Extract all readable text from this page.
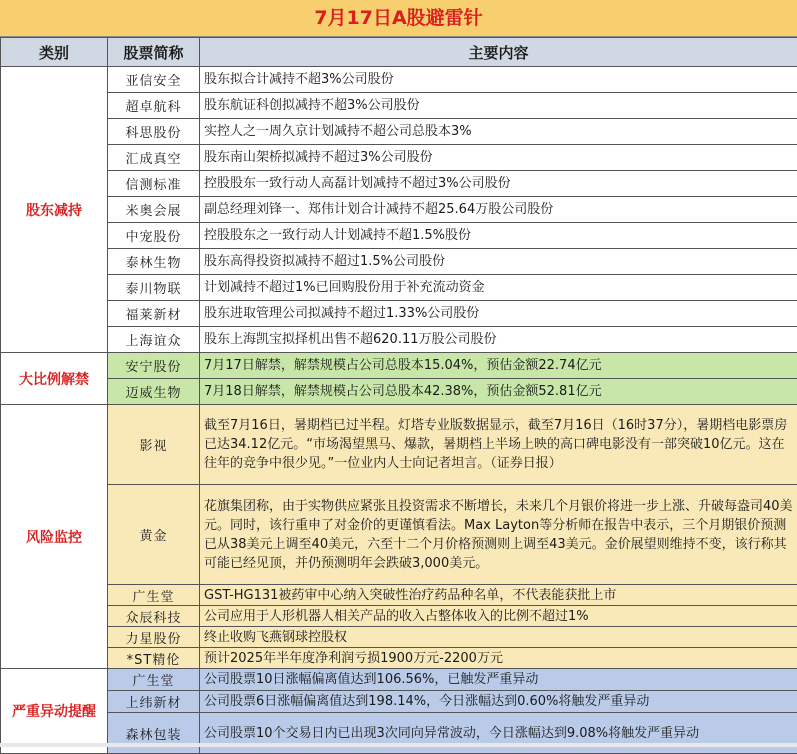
7月17日A股避雷针
类别	股票简称	主要内容
股东减持	亚信安全	股东拟合计减持不超3%公司股份
	超卓航科	股东航证科创拟减持不超3%公司股份
	科思股份	实控人之一周久京计划减持不超公司总股本3%
	汇成真空	股东南山架桥拟减持不超过3%公司股份
	信测标准	控股股东一致行动人高磊计划减持不超过3%公司股份
	米奥会展	副总经理刘锋一、郑伟计划合计减持不超25.64万股公司股份
	中宠股份	控股股东之一致行动人计划减持不超1.5%股份
	泰林生物	股东高得投资拟减持不超过1.5%公司股份
	泰川物联	计划减持不超过1%已回购股份用于补充流动资金
	福莱新材	股东进取管理公司拟减持不超过1.33%公司股份
	上海谊众	股东上海凯宝拟择机出售不超620.11万股公司股份
大比例解禁	安宁股份	7月17日解禁，解禁规模占公司总股本15.04%，预估金额22.74亿元
	迈威生物	7月18日解禁，解禁规模占公司总股本42.38%，预估金额52.81亿元
风险监控	影视	截至7月16日，暑期档已过半程。灯塔专业版数据显示，截至7月16日（16时37分），暑期档电影票房已达34.12亿元。“市场渴望黑马、爆款，暑期档上半场上映的高口碑电影没有一部突破10亿元。这在往年的竞争中很少见。”一位业内人士向记者坦言。（证券日报）
	黄金	花旗集团称，由于实物供应紧张且投资需求不断增长，未来几个月银价将进一步上涨、升破每盎司40美元。同时，该行重申了对金价的更谨慎看法。Max Layton等分析师在报告中表示，三个月期银价预测已从38美元上调至40美元，六至十二个月价格预测则上调至43美元。金价展望则维持不变，该行称其可能已经见顶，并仍预测明年会跌破3,000美元。
	广生堂	GST-HG131被药审中心纳入突破性治疗药品种名单，不代表能获批上市
	众辰科技	公司应用于人形机器人相关产品的收入占整体收入的比例不超过1%
	力星股份	终止收购飞燕钢球控股权
	*ST精伦	预计2025年半年度净利润亏损1900万元-2200万元
严重异动提醒	广生堂	公司股票10日涨幅偏离值达到106.56%，已触发严重异动
	上纬新材	公司股票6日涨幅偏离值达到198.14%，今日涨幅达到0.60%将触发严重异动
	森林包装	公司股票10个交易日内已出现3次同向异常波动，今日涨幅达到9.08%将触发严重异动
